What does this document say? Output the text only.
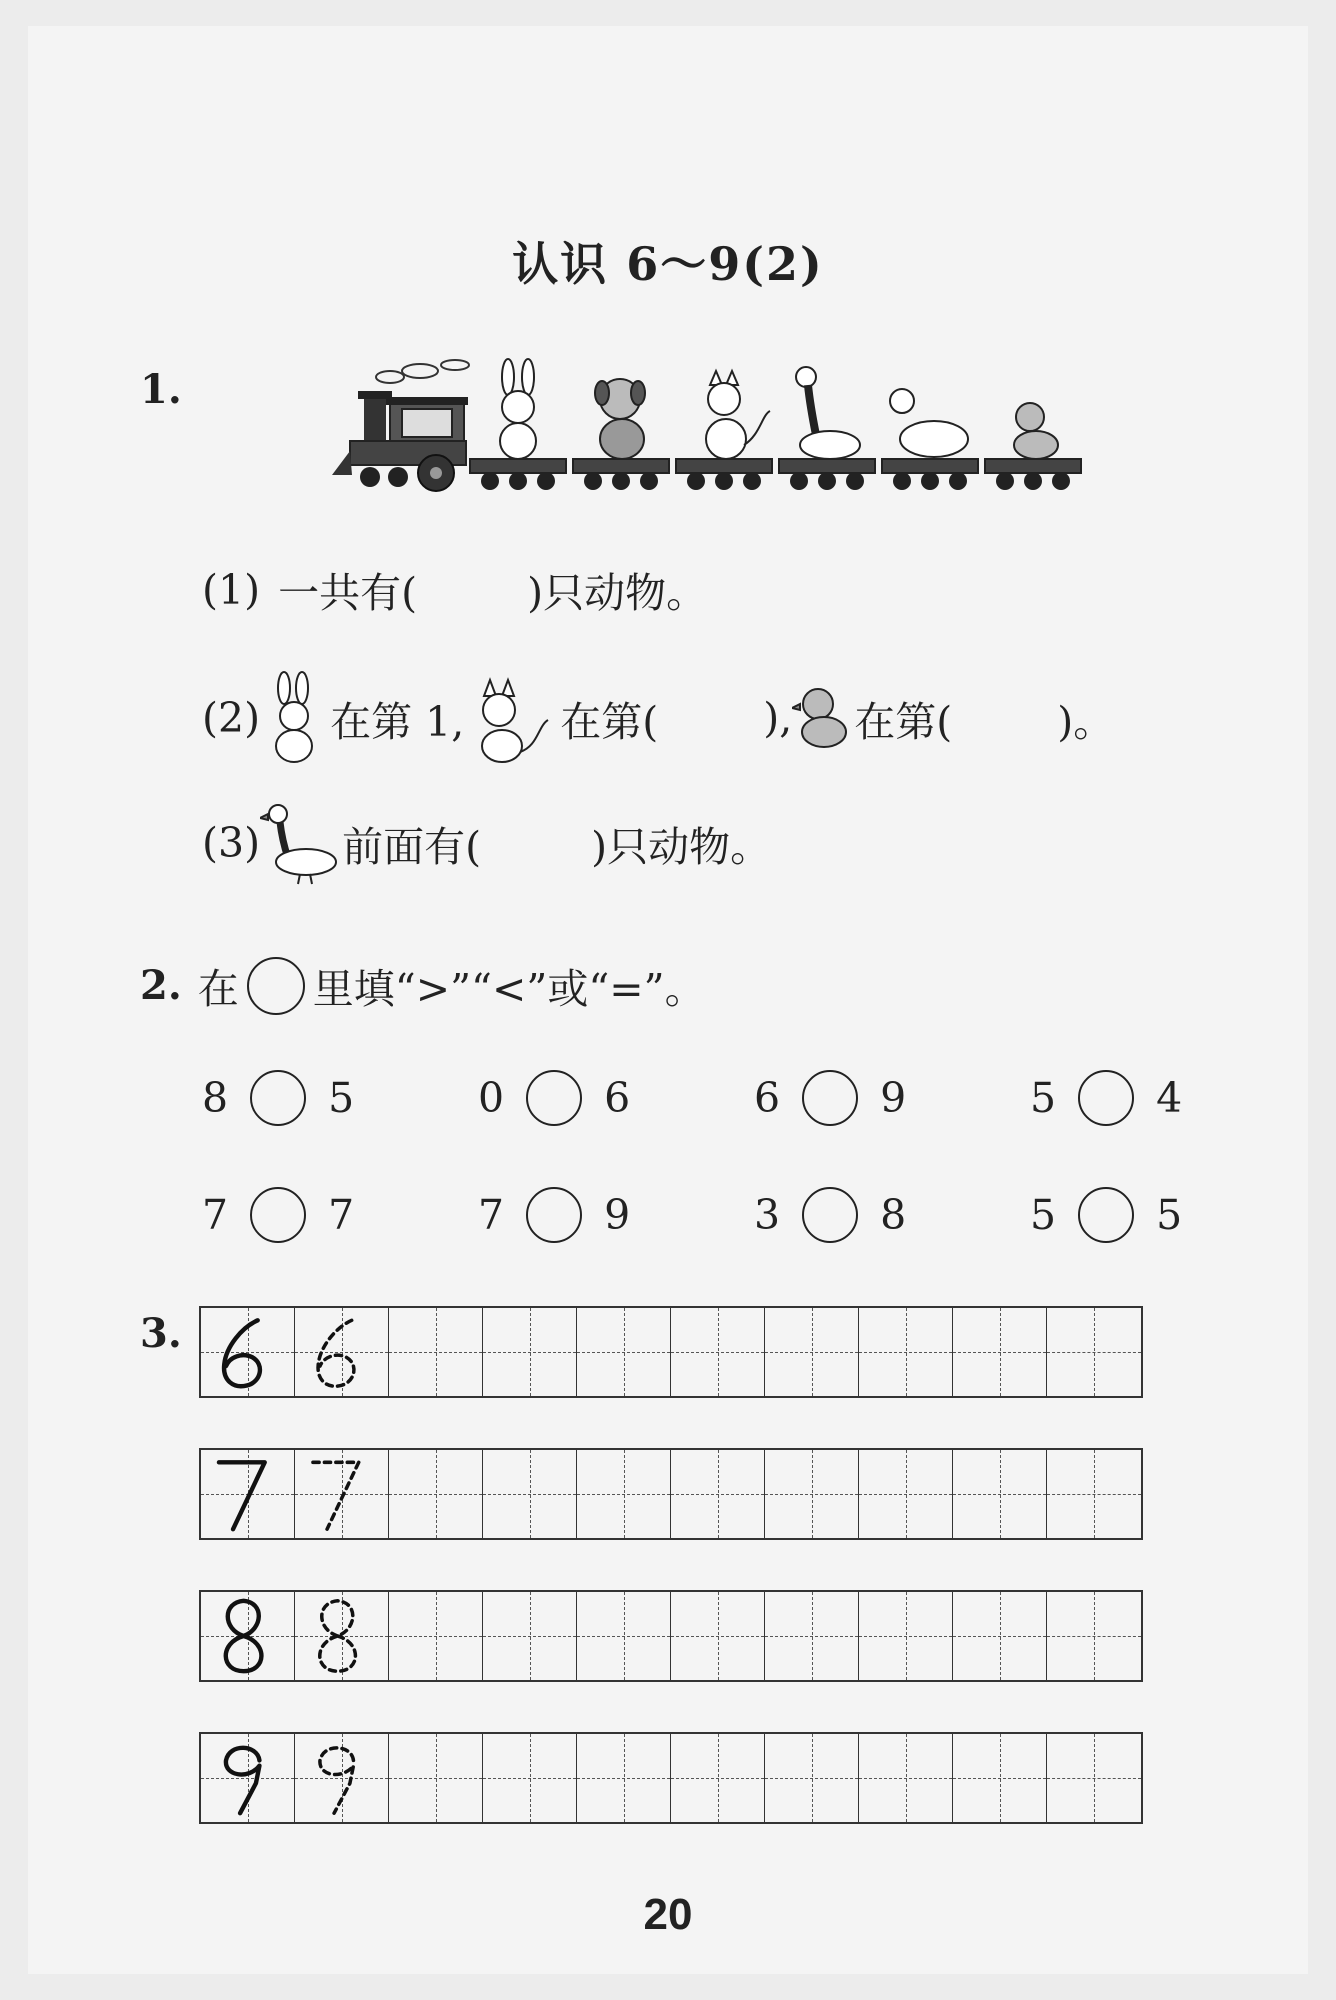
认识 6～9(2)
1.
(1) 一共有(	)只动物。
(2) 在第 1, 在第(	), 在第(	)。
(3) 前面有(	)只动物。
2. 在 里填“>”“<”或“=”。
8 5	0 6	6 9	5 4
7 7	7 9	3 8	5 5
3.
20
